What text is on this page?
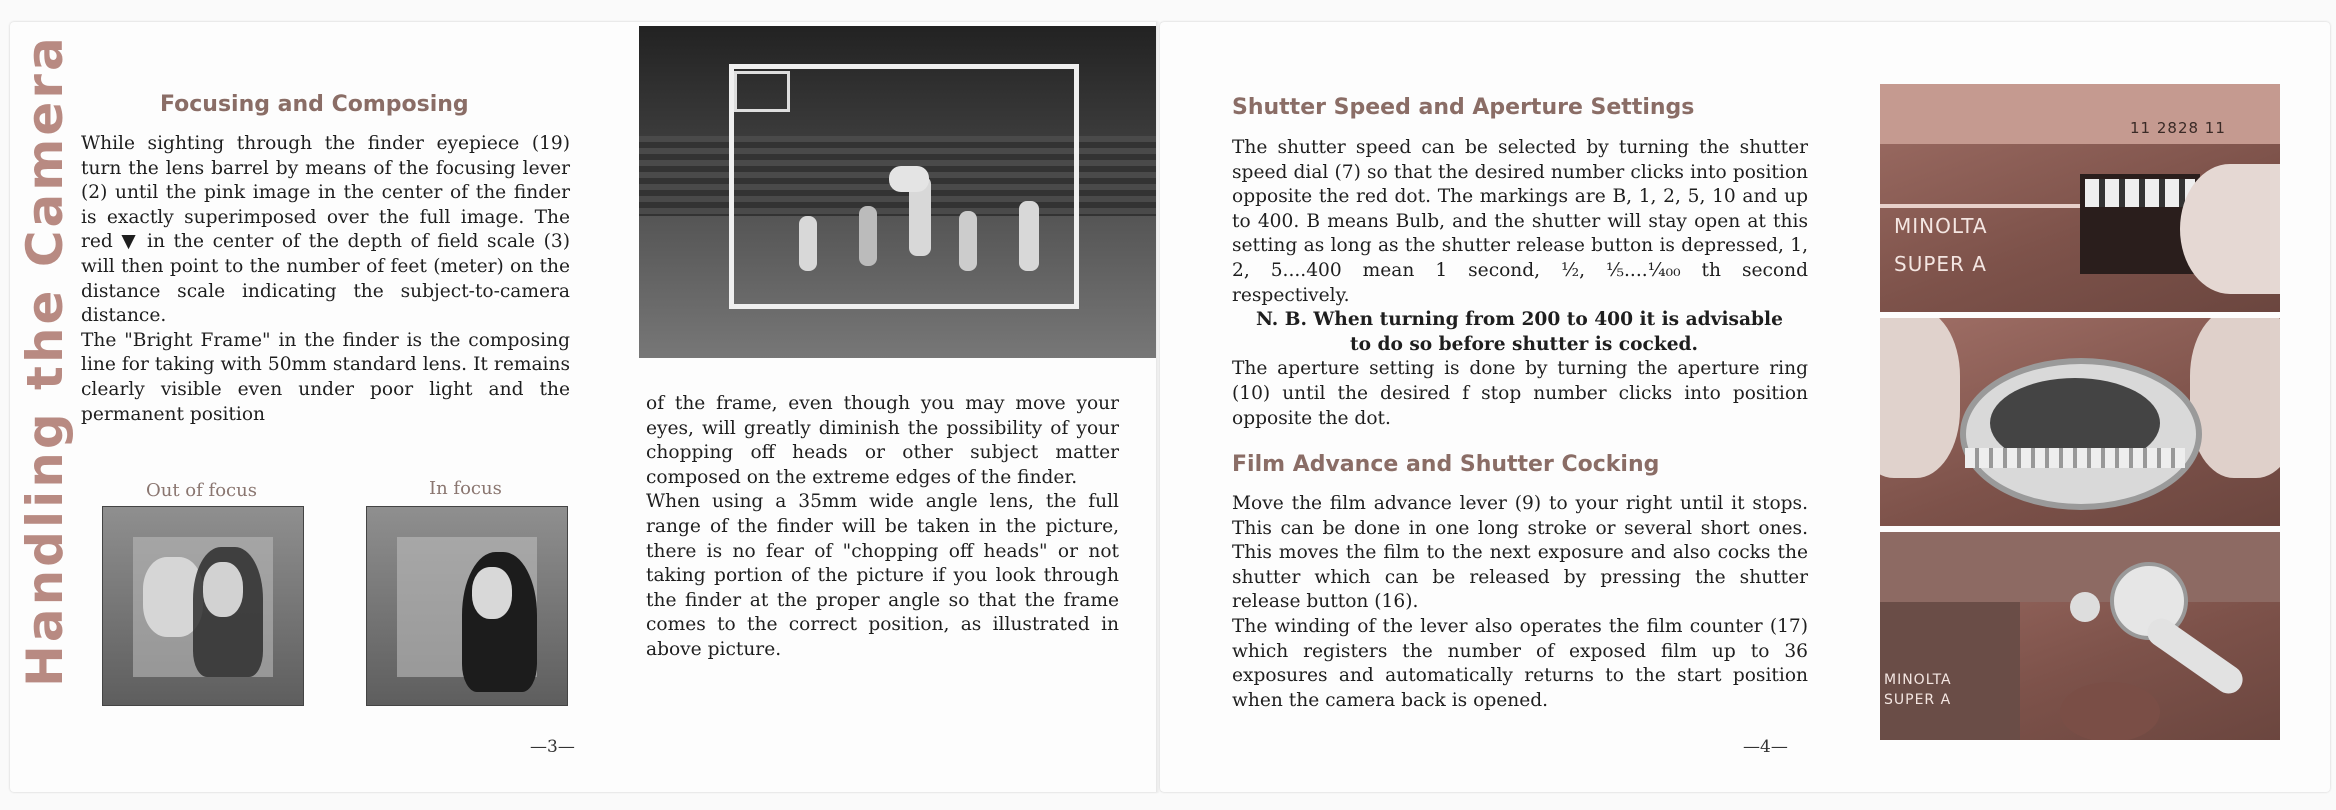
Handling the Camera	Focusing and Composing

While sighting through the finder eyepiece (19) turn the lens barrel by means of the focusing lever (2) until the pink image in the center of the finder is exactly superimposed over the full image. The red ▼ in the center of the depth of field scale (3) will then point to the number of feet (meter) on the distance scale indicating the subject-to-camera distance.

The "Bright Frame" in the finder is the composing line for taking with 50mm standard lens. It remains clearly visible even under poor light and the permanent position

Out of focus	In focus

of the frame, even though you may move your eyes, will greatly diminish the possibility of your chopping off heads or other subject matter composed on the extreme edges of the finder.

When using a 35mm wide angle lens, the full range of the finder will be taken in the picture, there is no fear of "chopping off heads" or not taking portion of the picture if you look through the finder at the proper angle so that the frame comes to the correct position, as illustrated in above picture.

—3—
Shutter Speed and Aperture Settings

The shutter speed can be selected by turning the shutter speed dial (7) so that the desired number clicks into position opposite the red dot. The markings are B, 1, 2, 5, 10 and up to 400. B means Bulb, and the shutter will stay open at this setting as long as the shutter release button is depressed, 1, 2, 5....400 mean 1 second, ½, ⅕....¹⁄₄₀₀ th second respectively.

N. B. When turning from 200 to 400 it is advisable

to do so before shutter is cocked.

The aperture setting is done by turning the aperture ring (10) until the desired f stop number clicks into position opposite the dot.

Film Advance and Shutter Cocking

Move the film advance lever (9) to your right until it stops. This can be done in one long stroke or several short ones. This moves the film to the next exposure and also cocks the shutter which can be released by pressing the shutter release button (16).

The winding of the lever also operates the film counter (17) which registers the number of exposed film up to 36 exposures and automatically returns to the start position when the camera back is opened.

—4—
11 2828 11
MINOLTA
SUPER A
MINOLTA
SUPER A
